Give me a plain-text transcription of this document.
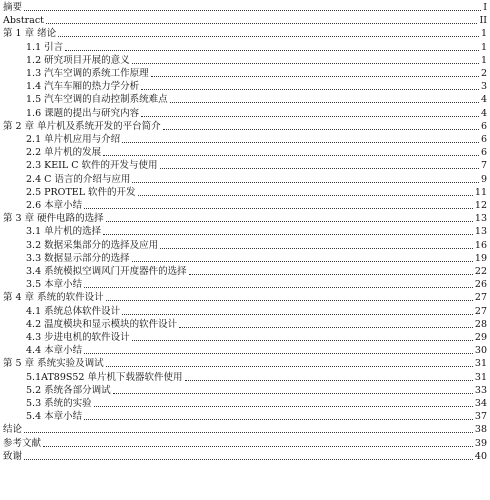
摘要	I
Abstract	II
第 1 章 绪论	1
1.1 引言	1
1.2 研究项目开展的意义	1
1.3 汽车空调的系统工作原理	2
1.4 汽车车厢的热力学分析	3
1.5 汽车空调的自动控制系统难点	4
1.6 课题的提出与研究内容	4
第 2 章 单片机及系统开发的平台简介	6
2.1 单片机应用与介绍	6
2.2 单片机的发展	6
2.3 KEIL C 软件的开发与使用	7
2.4 C 语言的介绍与应用	9
2.5 PROTEL 软件的开发	11
2.6 本章小结	12
第 3 章 硬件电路的选择	13
3.1 单片机的选择	13
3.2 数据采集部分的选择及应用	16
3.3 数据显示部分的选择	19
3.4 系统模拟空调风门开度器件的选择	22
3.5 本章小结	26
第 4 章 系统的软件设计	27
4.1 系统总体软件设计	27
4.2 温度模块和显示模块的软件设计	28
4.3 步进电机的软件设计	29
4.4 本章小结	30
第 5 章 系统实验及调试	31
5.1AT89S52 单片机下载器软件使用	31
5.2 系统各部分调试	33
5.3 系统的实验	34
5.4 本章小结	37
结论	38
参考文献	39
致谢	40
